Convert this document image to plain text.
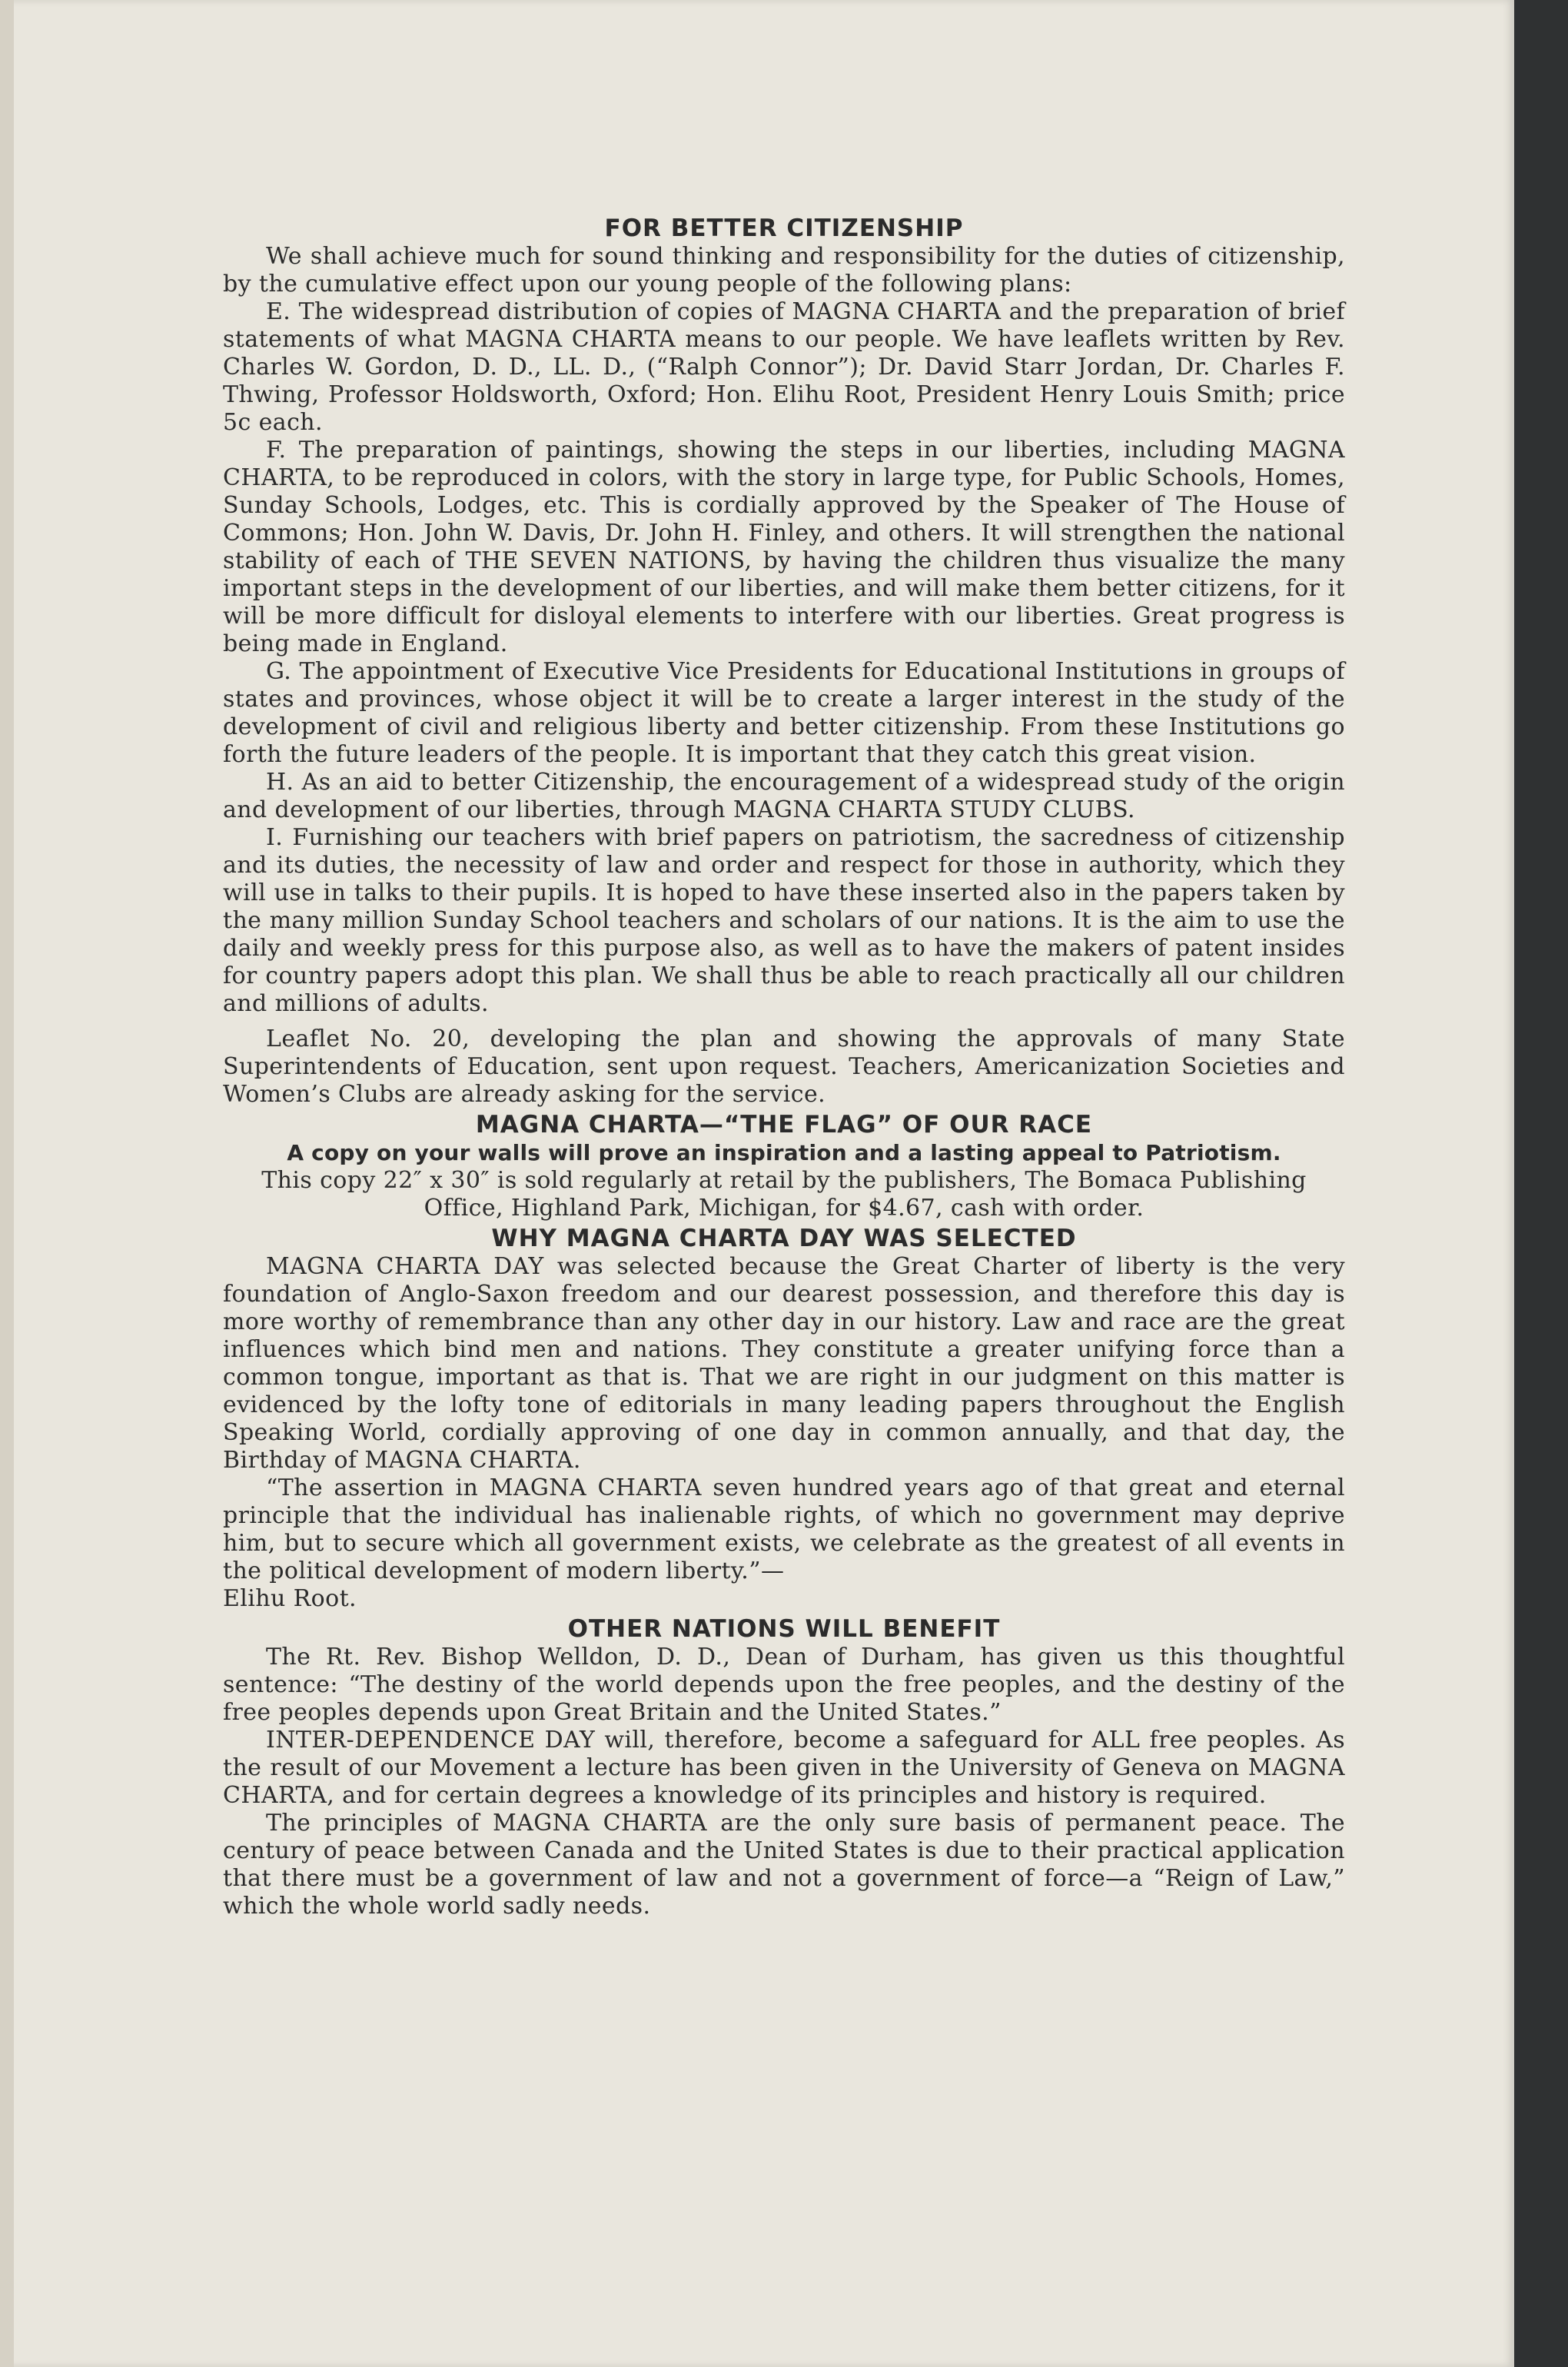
FOR BETTER CITIZENSHIP

We shall achieve much for sound thinking and responsibility for the duties of citizenship, by the cumulative effect upon our young people of the following plans:

E. The widespread distribution of copies of MAGNA CHARTA and the preparation of brief statements of what MAGNA CHARTA means to our people. We have leaflets written by Rev. Charles W. Gordon, D. D., LL. D., (“Ralph Connor”); Dr. David Starr Jordan, Dr. Charles F. Thwing, Professor Holdsworth, Oxford; Hon. Elihu Root, President Henry Louis Smith; price 5c each.

F. The preparation of paintings, showing the steps in our liberties, including MAGNA CHARTA, to be reproduced in colors, with the story in large type, for Public Schools, Homes, Sunday Schools, Lodges, etc. This is cordially approved by the Speaker of The House of Commons; Hon. John W. Davis, Dr. John H. Finley, and others. It will strengthen the national stability of each of THE SEVEN NATIONS, by having the children thus visualize the many important steps in the development of our liberties, and will make them better citizens, for it will be more difficult for disloyal elements to interfere with our liberties. Great progress is being made in England.

G. The appointment of Executive Vice Presidents for Educational Institutions in groups of states and provinces, whose object it will be to create a larger interest in the study of the development of civil and religious liberty and better citizenship. From these Institutions go forth the future leaders of the people. It is important that they catch this great vision.

H. As an aid to better Citizenship, the encouragement of a widespread study of the origin and development of our liberties, through MAGNA CHARTA STUDY CLUBS.

I. Furnishing our teachers with brief papers on patriotism, the sacredness of citizenship and its duties, the necessity of law and order and respect for those in authority, which they will use in talks to their pupils. It is hoped to have these inserted also in the papers taken by the many million Sunday School teachers and scholars of our nations. It is the aim to use the daily and weekly press for this purpose also, as well as to have the makers of patent insides for country papers adopt this plan. We shall thus be able to reach practically all our children and millions of adults.

Leaflet No. 20, developing the plan and showing the approvals of many State Superintendents of Education, sent upon request. Teachers, Americanization Societies and Women’s Clubs are already asking for the service.

MAGNA CHARTA—“THE FLAG” OF OUR RACE

A copy on your walls will prove an inspiration and a lasting appeal to Patriotism.

This copy 22″ x 30″ is sold regularly at retail by the publishers, The Bomaca Publishing Office, Highland Park, Michigan, for $4.67, cash with order.

WHY MAGNA CHARTA DAY WAS SELECTED

MAGNA CHARTA DAY was selected because the Great Charter of liberty is the very foundation of Anglo-Saxon freedom and our dearest possession, and therefore this day is more worthy of remembrance than any other day in our history. Law and race are the great influences which bind men and nations. They constitute a greater unifying force than a common tongue, important as that is. That we are right in our judgment on this matter is evidenced by the lofty tone of editorials in many leading papers throughout the English Speaking World, cordially approving of one day in common annually, and that day, the Birthday of MAGNA CHARTA.

“The assertion in MAGNA CHARTA seven hundred years ago of that great and eternal principle that the individual has inalienable rights, of which no government may deprive him, but to secure which all government exists, we celebrate as the greatest of all events in the political development of modern liberty.”—

Elihu Root.

OTHER NATIONS WILL BENEFIT

The Rt. Rev. Bishop Welldon, D. D., Dean of Durham, has given us this thoughtful sentence: “The destiny of the world depends upon the free peoples, and the destiny of the free peoples depends upon Great Britain and the United States.”

INTER-DEPENDENCE DAY will, therefore, become a safeguard for ALL free peoples. As the result of our Movement a lecture has been given in the University of Geneva on MAGNA CHARTA, and for certain degrees a knowledge of its principles and history is required.

The principles of MAGNA CHARTA are the only sure basis of permanent peace. The century of peace between Canada and the United States is due to their practical application that there must be a government of law and not a government of force—a “Reign of Law,” which the whole world sadly needs.
